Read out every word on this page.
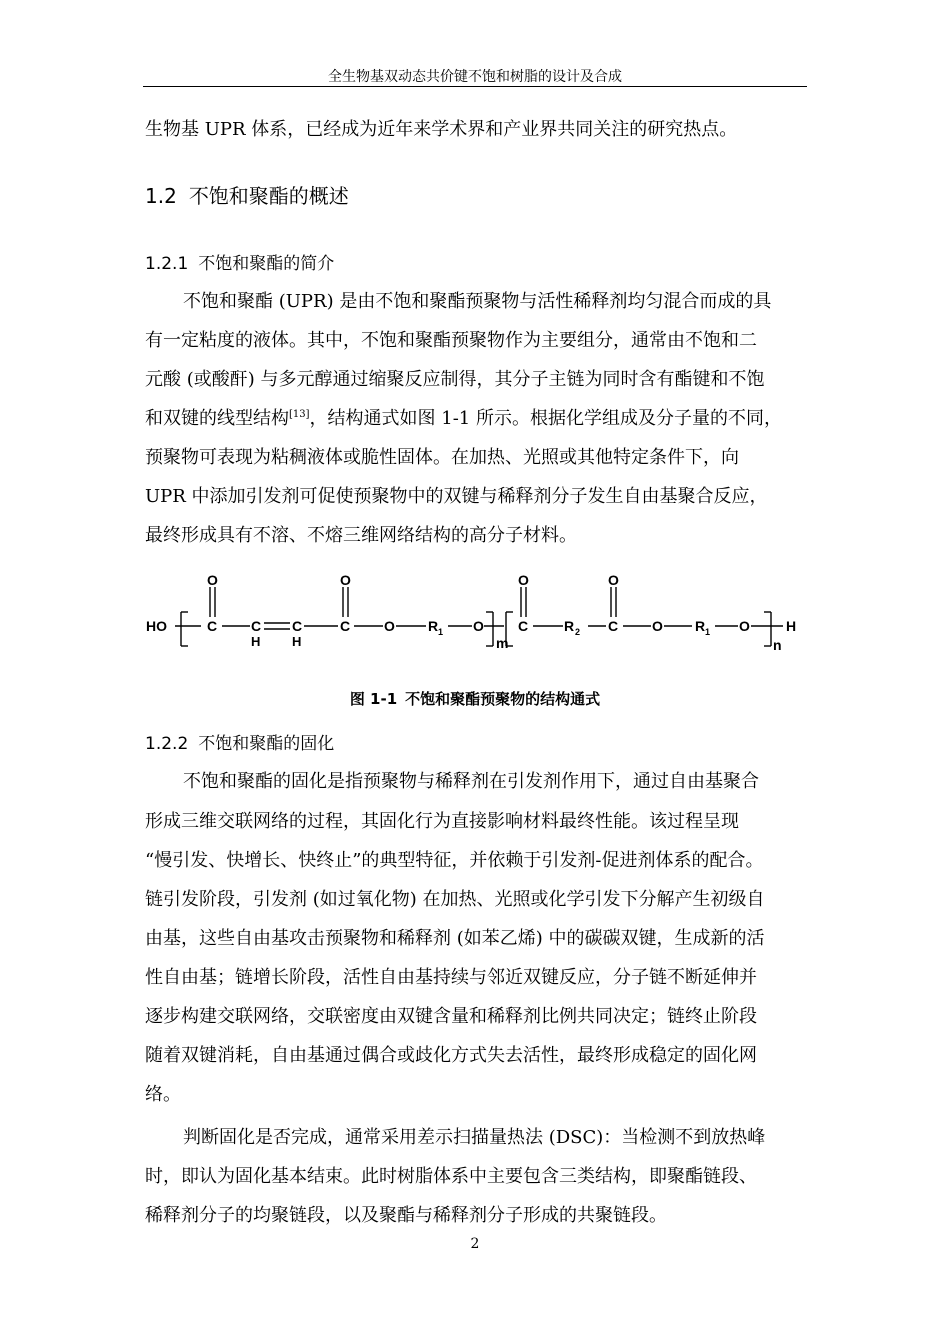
全生物基双动态共价键不饱和树脂的设计及合成
生物基 UPR 体系，已经成为近年来学术界和产业界共同关注的研究热点。
1.2 不饱和聚酯的概述
1.2.1 不饱和聚酯的简介
不饱和聚酯 (UPR) 是由不饱和聚酯预聚物与活性稀释剂均匀混合而成的具
有一定粘度的液体。其中，不饱和聚酯预聚物作为主要组分，通常由不饱和二
元酸 (或酸酐) 与多元醇通过缩聚反应制得，其分子主链为同时含有酯键和不饱
和双键的线型结构[13]，结构通式如图 1-1 所示。根据化学组成及分子量的不同，
预聚物可表现为粘稠液体或脆性固体。在加热、光照或其他特定条件下，向
UPR 中添加引发剂可促使预聚物中的双键与稀释剂分子发生自由基聚合反应，
最终形成具有不溶、不熔三维网络结构的高分子材料。
HO
O
C C
H
C
H
O
C O R 1 O
m
O
C	R 2
O
C O R 1 O	H
n
图 1-1 不饱和聚酯预聚物的结构通式
1.2.2 不饱和聚酯的固化
不饱和聚酯的固化是指预聚物与稀释剂在引发剂作用下，通过自由基聚合
形成三维交联网络的过程，其固化行为直接影响材料最终性能。该过程呈现
“慢引发、快增长、快终止”的典型特征，并依赖于引发剂-促进剂体系的配合。
链引发阶段，引发剂 (如过氧化物) 在加热、光照或化学引发下分解产生初级自
由基，这些自由基攻击预聚物和稀释剂 (如苯乙烯) 中的碳碳双键，生成新的活
性自由基；链增长阶段，活性自由基持续与邻近双键反应，分子链不断延伸并
逐步构建交联网络，交联密度由双键含量和稀释剂比例共同决定；链终止阶段
随着双键消耗，自由基通过偶合或歧化方式失去活性，最终形成稳定的固化网
络。
判断固化是否完成，通常采用差示扫描量热法 (DSC)：当检测不到放热峰
时，即认为固化基本结束。此时树脂体系中主要包含三类结构，即聚酯链段、
稀释剂分子的均聚链段，以及聚酯与稀释剂分子形成的共聚链段。
2
